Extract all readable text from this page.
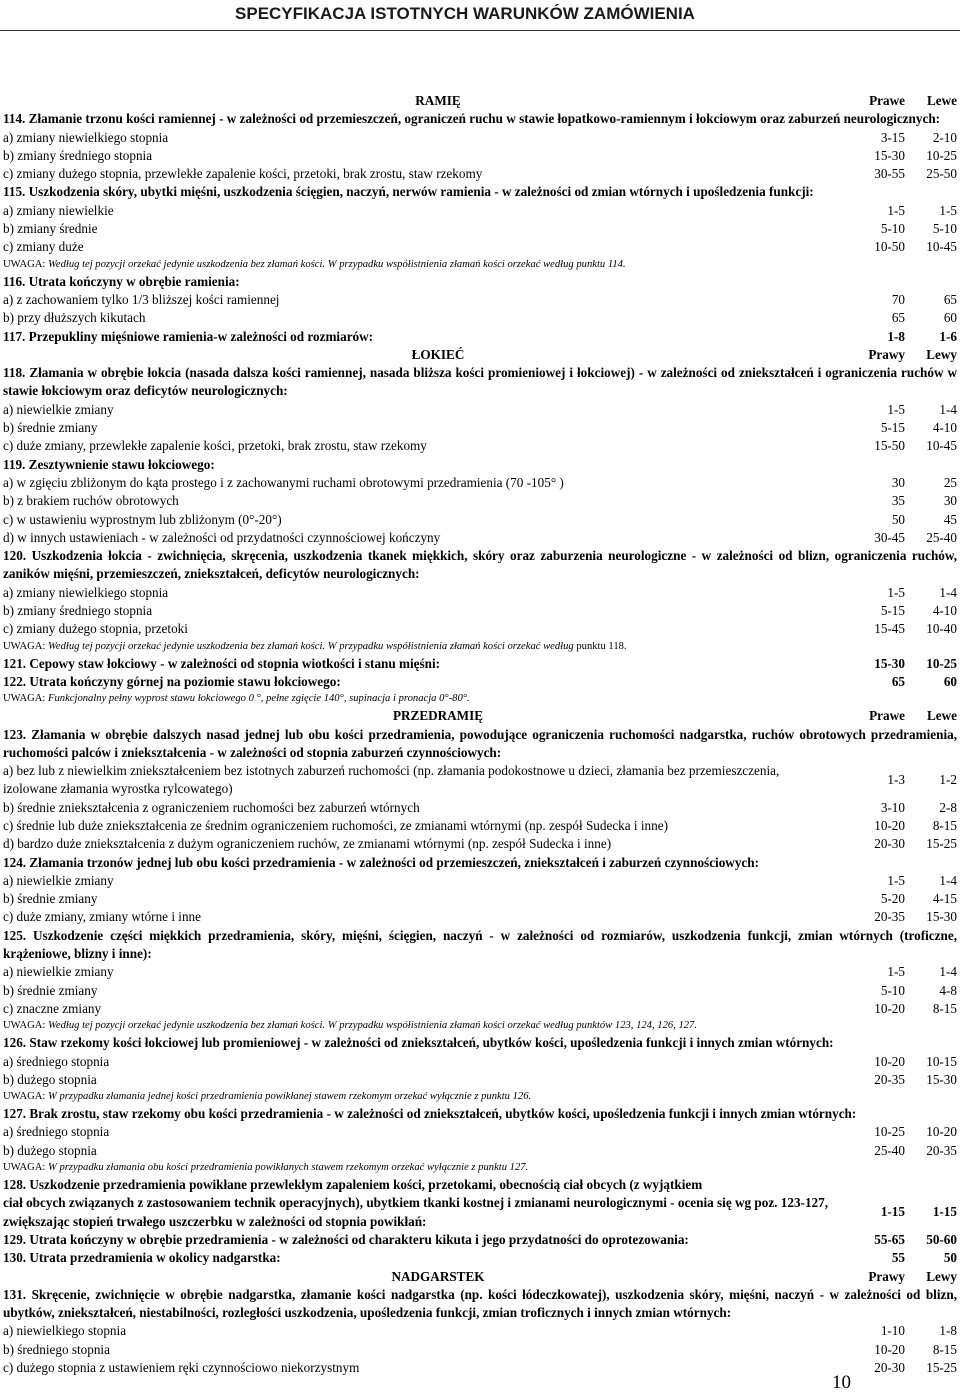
SPECYFIKACJA ISTOTNYCH WARUNKÓW ZAMÓWIENIA
RAMIĘ	Prawe	Lewe
114. Złamanie trzonu kości ramiennej - w zależności od przemieszczeń, ograniczeń ruchu w stawie łopatkowo-ramiennym i łokciowym oraz zaburzeń neurologicznych:
a) zmiany niewielkiego stopnia	3-15	2-10
b) zmiany średniego stopnia	15-30	10-25
c) zmiany dużego stopnia, przewlekłe zapalenie kości, przetoki, brak zrostu, staw rzekomy	30-55	25-50
115. Uszkodzenia skóry, ubytki mięśni, uszkodzenia ścięgien, naczyń, nerwów ramienia - w zależności od zmian wtórnych i upośledzenia funkcji:
a) zmiany niewielkie	1-5	1-5
b) zmiany średnie	5-10	5-10
c) zmiany duże	10-50	10-45
UWAGA: Według tej pozycji orzekać jedynie uszkodzenia bez złamań kości. W przypadku współistnienia złamań kości orzekać według punktu 114.
116. Utrata kończyny w obrębie ramienia:
a) z zachowaniem tylko 1/3 bliższej kości ramiennej	70	65
b) przy dłuższych kikutach	65	60
117. Przepukliny mięśniowe ramienia-w zależności od rozmiarów:	1-8	1-6
ŁOKIEĆ	Prawy	Lewy
118. Złamania w obrębie łokcia (nasada dalsza kości ramiennej, nasada bliższa kości promieniowej i łokciowej) - w zależności od zniekształceń i ograniczenia ruchów w stawie łokciowym oraz deficytów neurologicznych:
a) niewielkie zmiany	1-5	1-4
b) średnie zmiany	5-15	4-10
c) duże zmiany, przewlekłe zapalenie kości, przetoki, brak zrostu, staw rzekomy	15-50	10-45
119. Zesztywnienie stawu łokciowego:
a) w zgięciu zbliżonym do kąta prostego i z zachowanymi ruchami obrotowymi przedramienia (70 -105° )	30	25
b) z brakiem ruchów obrotowych	35	30
c) w ustawieniu wyprostnym lub zbliżonym (0°-20°)	50	45
d) w innych ustawieniach - w zależności od przydatności czynnościowej kończyny	30-45	25-40
120. Uszkodzenia łokcia - zwichnięcia, skręcenia, uszkodzenia tkanek miękkich, skóry oraz zaburzenia neurologiczne - w zależności od blizn, ograniczenia ruchów, zaników mięśni, przemieszczeń, zniekształceń, deficytów neurologicznych:
a) zmiany niewielkiego stopnia	1-5	1-4
b) zmiany średniego stopnia	5-15	4-10
c) zmiany dużego stopnia, przetoki	15-45	10-40
UWAGA: Według tej pozycji orzekać jedynie uszkodzenia bez złamań kości. W przypadku współistnienia złamań kości orzekać według punktu 118.
121. Cepowy staw łokciowy - w zależności od stopnia wiotkości i stanu mięśni:	15-30	10-25
122. Utrata kończyny górnej na poziomie stawu łokciowego:	65	60
UWAGA: Funkcjonalny pełny wyprost stawu łokciowego 0 °, pełne zgięcie 140°, supinacja i pronacja 0°-80°.
PRZEDRAMIĘ	Prawe	Lewe
123. Złamania w obrębie dalszych nasad jednej lub obu kości przedramienia, powodujące ograniczenia ruchomości nadgarstka, ruchów obrotowych przedramienia, ruchomości palców i zniekształcenia - w zależności od stopnia zaburzeń czynnościowych:
a) bez lub z niewielkim zniekształceniem bez istotnych zaburzeń ruchomości (np. złamania podokostnowe u dzieci, złamania bez przemieszczenia, izolowane złamania wyrostka rylcowatego)
1-3	1-2
b) średnie zniekształcenia z ograniczeniem ruchomości bez zaburzeń wtórnych	3-10	2-8
c) średnie lub duże zniekształcenia ze średnim ograniczeniem ruchomości, ze zmianami wtórnymi (np. zespół Sudecka i inne)	10-20	8-15
d) bardzo duże zniekształcenia z dużym ograniczeniem ruchów, ze zmianami wtórnymi (np. zespół Sudecka i inne)	20-30	15-25
124. Złamania trzonów jednej lub obu kości przedramienia - w zależności od przemieszczeń, zniekształceń i zaburzeń czynnościowych:
a) niewielkie zmiany	1-5	1-4
b) średnie zmiany	5-20	4-15
c) duże zmiany, zmiany wtórne i inne	20-35	15-30
125. Uszkodzenie części miękkich przedramienia, skóry, mięśni, ścięgien, naczyń - w zależności od rozmiarów, uszkodzenia funkcji, zmian wtórnych (troficzne, krążeniowe, blizny i inne):
a) niewielkie zmiany	1-5	1-4
b) średnie zmiany	5-10	4-8
c) znaczne zmiany	10-20	8-15
UWAGA: Według tej pozycji orzekać jedynie uszkodzenia bez złamań kości. W przypadku współistnienia złamań kości orzekać według punktów 123, 124, 126, 127.
126. Staw rzekomy kości łokciowej lub promieniowej - w zależności od zniekształceń, ubytków kości, upośledzenia funkcji i innych zmian wtórnych:
a) średniego stopnia	10-20	10-15
b) dużego stopnia	20-35	15-30
UWAGA: W przypadku złamania jednej kości przedramienia powikłanej stawem rzekomym orzekać wyłącznie z punktu 126.
127. Brak zrostu, staw rzekomy obu kości przedramienia - w zależności od zniekształceń, ubytków kości, upośledzenia funkcji i innych zmian wtórnych:
a) średniego stopnia	10-25	10-20
b) dużego stopnia	25-40	20-35
UWAGA: W przypadku złamania obu kości przedramienia powikłanych stawem rzekomym orzekać wyłącznie z punktu 127.
128. Uszkodzenie przedramienia powikłane przewlekłym zapaleniem kości, przetokami, obecnością ciał obcych (z wyjątkiem
ciał obcych związanych z zastosowaniem technik operacyjnych), ubytkiem tkanki kostnej i zmianami neurologicznymi - ocenia się wg poz. 123-127, zwiększając stopień trwałego uszczerbku w zależności od stopnia powikłań:
1-15	1-15
129. Utrata kończyny w obrębie przedramienia - w zależności od charakteru kikuta i jego przydatności do oprotezowania:	55-65	50-60
130. Utrata przedramienia w okolicy nadgarstka:	55	50
NADGARSTEK	Prawy	Lewy
131. Skręcenie, zwichnięcie w obrębie nadgarstka, złamanie kości nadgarstka (np. kości łódeczkowatej), uszkodzenia skóry, mięśni, naczyń - w zależności od blizn, ubytków, zniekształceń, niestabilności, rozległości uszkodzenia, upośledzenia funkcji, zmian troficznych i innych zmian wtórnych:
a) niewielkiego stopnia	1-10	1-8
b) średniego stopnia	10-20	8-15
c) dużego stopnia z ustawieniem ręki czynnościowo niekorzystnym	20-30	15-25
10
